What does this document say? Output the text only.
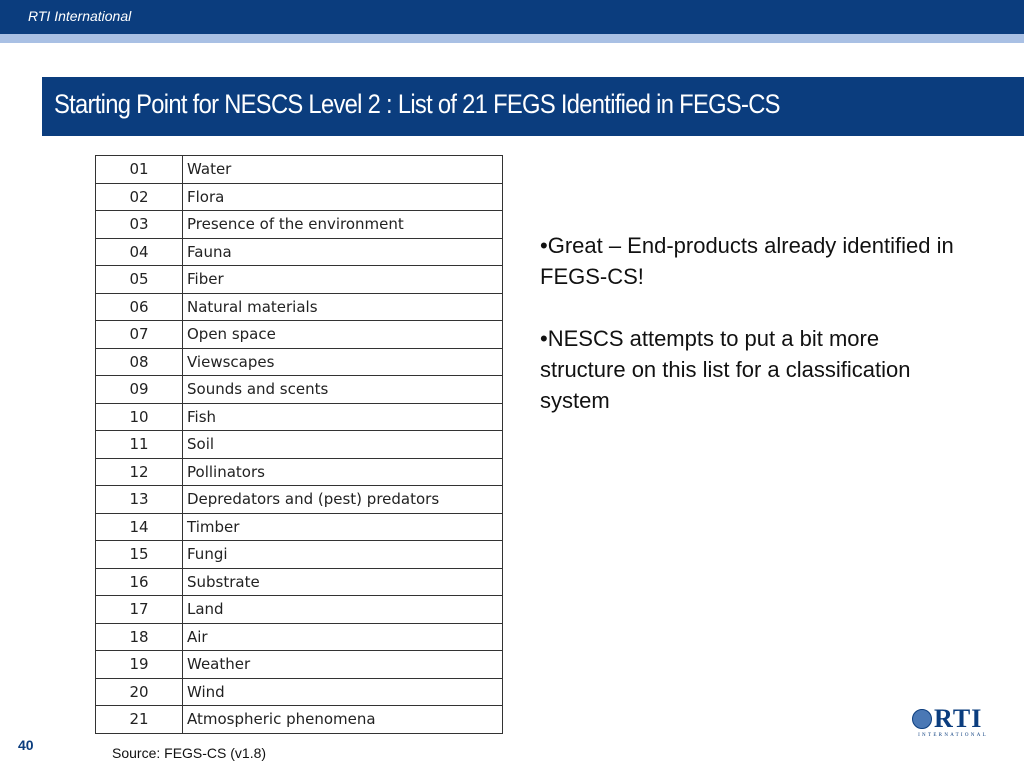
RTI International
Starting Point for NESCS Level 2 : List of 21 FEGS Identified in FEGS-CS
01	Water
02	Flora
03	Presence of the environment
04	Fauna
05	Fiber
06	Natural materials
07	Open space
08	Viewscapes
09	Sounds and scents
10	Fish
11	Soil
12	Pollinators
13	Depredators and (pest) predators
14	Timber
15	Fungi
16	Substrate
17	Land
18	Air
19	Weather
20	Wind
21	Atmospheric phenomena

•Great – End-products already identified in FEGS-CS!

•NESCS attempts to put a bit more structure on this list for a classification system

40	Source: FEGS-CS (v1.8)
RTI
INTERNATIONAL
